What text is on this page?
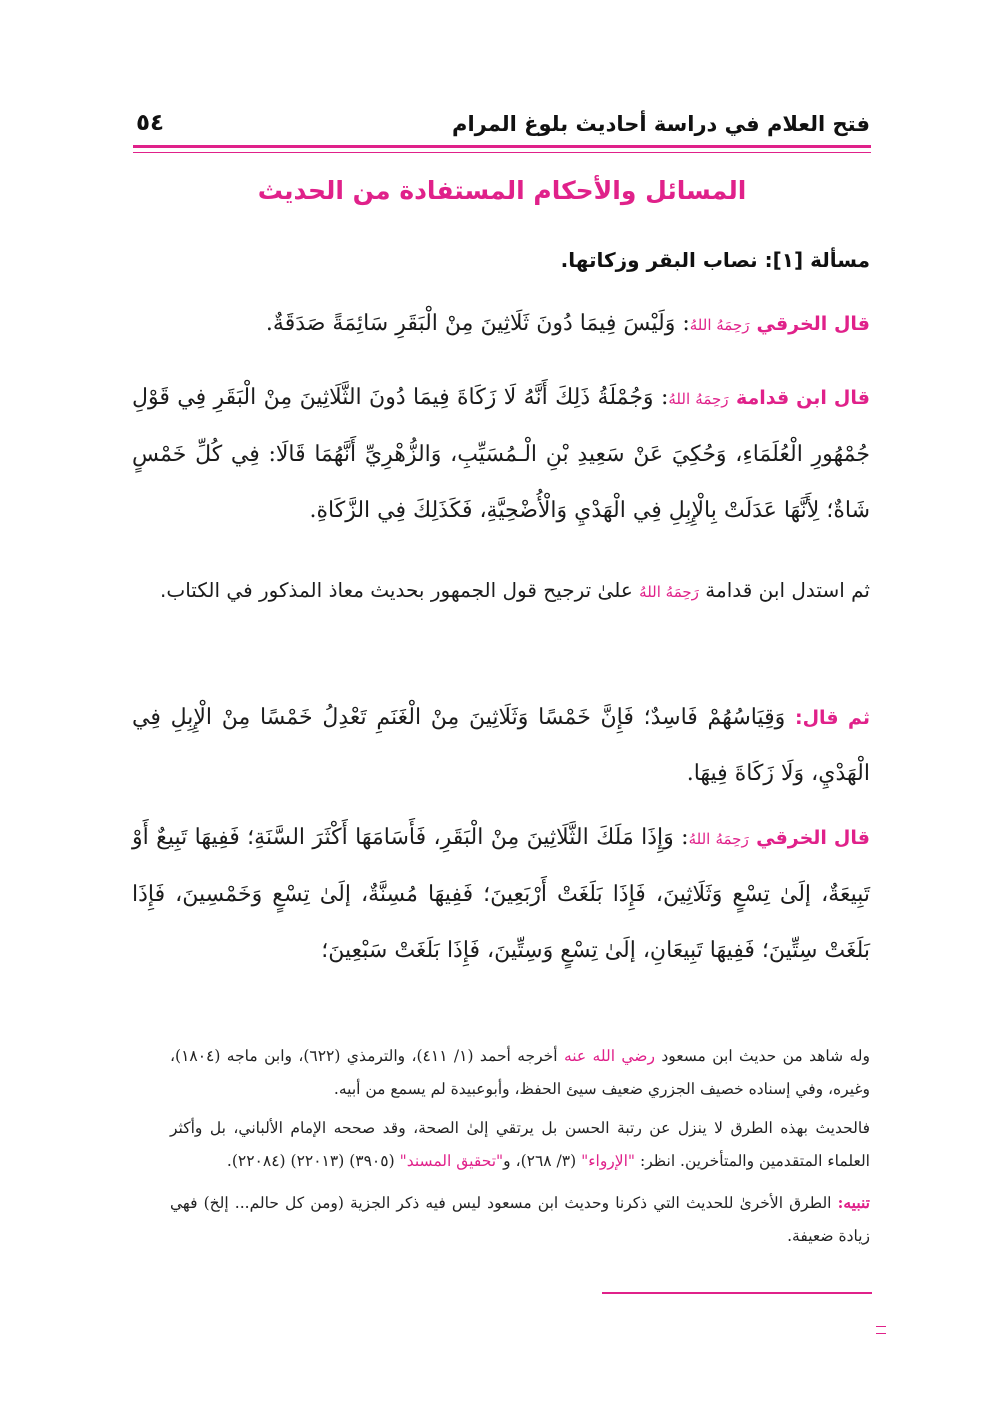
فتح العلام في دراسة أحاديث بلوغ المرام
٥٤
المسائل والأحكام المستفادة من الحديث
مسألة [١]: نصاب البقر وزكاتها.
قال الخرقي رَحِمَهُ اللهُ: وَلَيْسَ فِيمَا دُونَ ثَلَاثِينَ مِنْ الْبَقَرِ سَائِمَةً صَدَقَةٌ.
قال ابن قدامة رَحِمَهُ اللهُ: وَجُمْلَةُ ذَلِكَ أَنَّهُ لَا زَكَاةَ فِيمَا دُونَ الثَّلَاثِينَ مِنْ الْبَقَرِ فِي قَوْلِ جُمْهُورِ الْعُلَمَاءِ، وَحُكِيَ عَنْ سَعِيدِ بْنِ الْـمُسَيِّبِ، وَالزُّهْرِيِّ أَنَّهُمَا قَالَا: فِي كُلِّ خَمْسٍ شَاةٌ؛ لِأَنَّهَا عَدَلَتْ بِالْإِبِلِ فِي الْهَدْيِ وَالْأُضْحِيَّةِ، فَكَذَلِكَ فِي الزَّكَاةِ.
ثم استدل ابن قدامة رَحِمَهُ اللهُ علىٰ ترجيح قول الجمهور بحديث معاذ المذكور في الكتاب.
ثم قال: وَقِيَاسُهُمْ فَاسِدٌ؛ فَإِنَّ خَمْسًا وَثَلَاثِينَ مِنْ الْغَنَمِ تَعْدِلُ خَمْسًا مِنْ الْإِبِلِ فِي الْهَدْيِ، وَلَا زَكَاةَ فِيهَا.
قال الخرقي رَحِمَهُ اللهُ: وَإِذَا مَلَكَ الثَّلَاثِينَ مِنْ الْبَقَرِ، فَأَسَامَهَا أَكْثَرَ السَّنَةِ؛ فَفِيهَا تَبِيعٌ أَوْ تَبِيعَةٌ، إلَىٰ تِسْعٍ وَثَلَاثِينَ، فَإِذَا بَلَغَتْ أَرْبَعِينَ؛ فَفِيهَا مُسِنَّةٌ، إلَىٰ تِسْعٍ وَخَمْسِينَ، فَإِذَا بَلَغَتْ سِتِّينَ؛ فَفِيهَا تَبِيعَانِ، إلَىٰ تِسْعٍ وَسِتِّينَ، فَإِذَا بَلَغَتْ سَبْعِينَ؛
وله شاهد من حديث ابن مسعود رضي الله عنه أخرجه أحمد (١/ ٤١١)، والترمذي (٦٢٢)، وابن ماجه (١٨٠٤)، وغيره، وفي إسناده خصيف الجزري ضعيف سيئ الحفظ، وأبوعبيدة لم يسمع من أبيه.
فالحديث بهذه الطرق لا ينزل عن رتبة الحسن بل يرتقي إلىٰ الصحة، وقد صححه الإمام الألباني، بل وأكثر العلماء المتقدمين والمتأخرين. انظر: "الإرواء" (٣/ ٢٦٨)، و"تحقيق المسند" (٣٩٠٥) (٢٢٠١٣) (٢٢٠٨٤).
تنبيه: الطرق الأخرىٰ للحديث التي ذكرنا وحديث ابن مسعود ليس فيه ذكر الجزية (ومن كل حالم... إلخ) فهي زيادة ضعيفة.
